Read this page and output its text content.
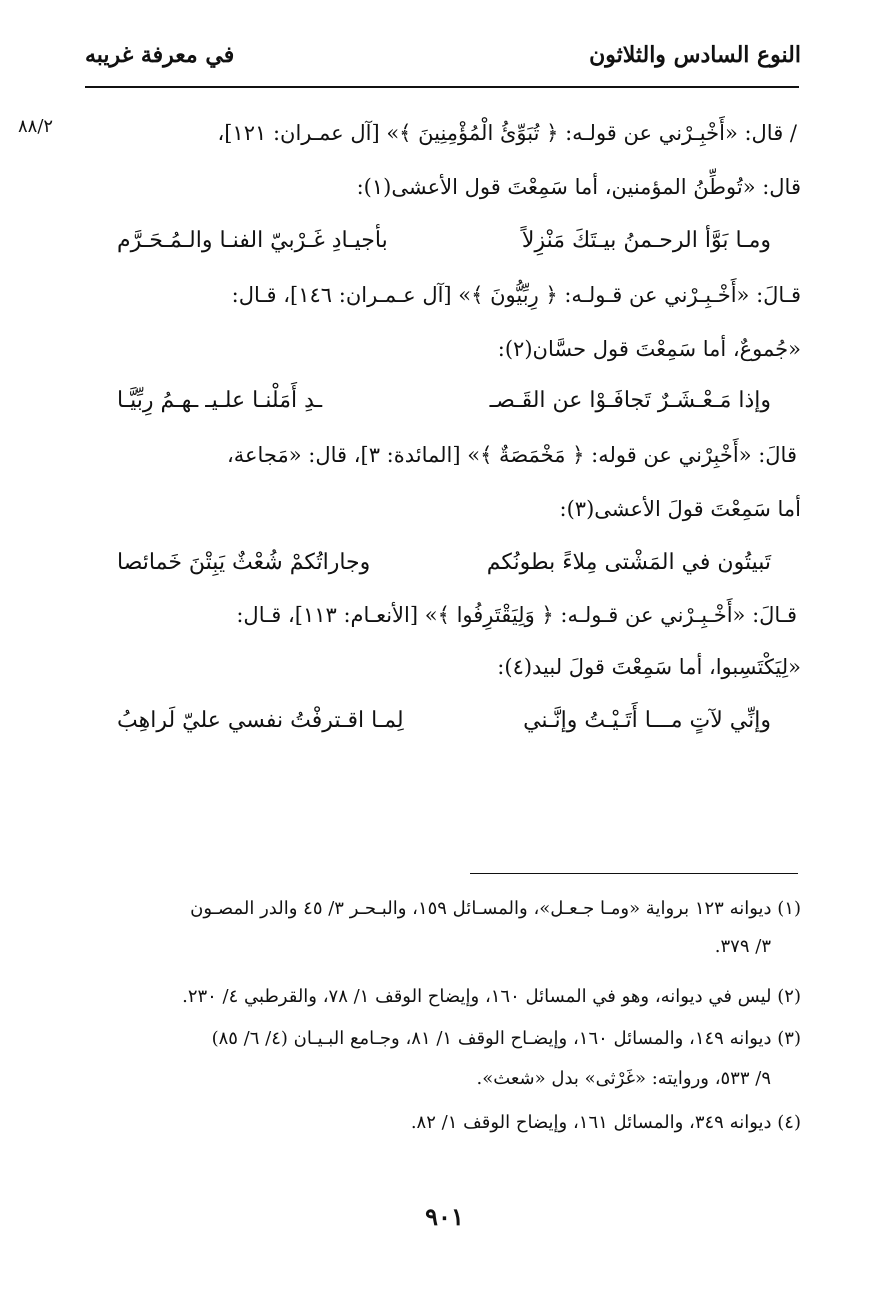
النوع السادس والثلاثون
في معرفة غريبه
٨٨/٢	/ قال: «أَخْبِـرْني عن قولـه: ﴿ تُبَوِّئُ الْمُؤْمِنِينَ ﴾» [آل عمـران: ١٢١]،
قال: «تُوطِّنُ المؤمنين، أما سَمِعْتَ قول الأعشى(١):
ومـا بَوَّأ الرحـمنُ بيـتَكَ مَنْزِلاً
بأجيـادِ غَـرْبيّ الفنـا والـمُـحَـرَّم
قـالَ: «أَخْـبِـرْني عن قـولـه: ﴿ رِبِّيُّونَ ﴾» [آل عـمـران: ١٤٦]، قـال:
«جُموعٌ، أما سَمِعْتَ قول حسَّان(٢):
وإذا مَـعْـشَـرٌ تَجافَـوْا عن القَـصـ
ـدِ أَمَلْنـا علـيـ ـهـمُ رِبِّيَّـا
قالَ: «أَخْبِرْني عن قوله: ﴿ مَخْمَصَةٌ ﴾» [المائدة: ٣]، قال: «مَجاعة،
أما سَمِعْتَ قولَ الأعشى(٣):
تَبيتُون في المَشْتى مِلاءً بطونُكم
وجاراتُكمْ شُعْثٌ يَبِتْنَ خَمائصا
قـالَ: «أَخْـبِـرْني عن قـولـه: ﴿ وَلِيَقْتَرِفُوا ﴾» [الأنعـام: ١١٣]، قـال:
«لِيَكْتَسِبوا، أما سَمِعْتَ قولَ لبيد(٤):
وإنِّي لآتٍ مـــا أَتَـيْـتُ وإنَّـني
لِمـا اقـترفْتُ نفسي عليّ لَراهِبُ
(١) ديوانه ١٢٣ برواية «ومـا جـعـل»، والمسـائل ١٥٩، والبـحـر ٣/ ٤٥ والدر المصـون
٣/ ٣٧٩.
(٢) ليس في ديوانه، وهو في المسائل ١٦٠، وإيضاح الوقف ١/ ٧٨، والقرطبي ٤/ ٢٣٠.
(٣) ديوانه ١٤٩، والمسائل ١٦٠، وإيضـاح الوقف ١/ ٨١، وجـامع البـيـان (٤/ ٦/ ٨٥)
٩/ ٥٣٣، وروايته: «غَرْثى» بدل «شعث».
(٤) ديوانه ٣٤٩، والمسائل ١٦١، وإيضاح الوقف ١/ ٨٢.
٩٠١
